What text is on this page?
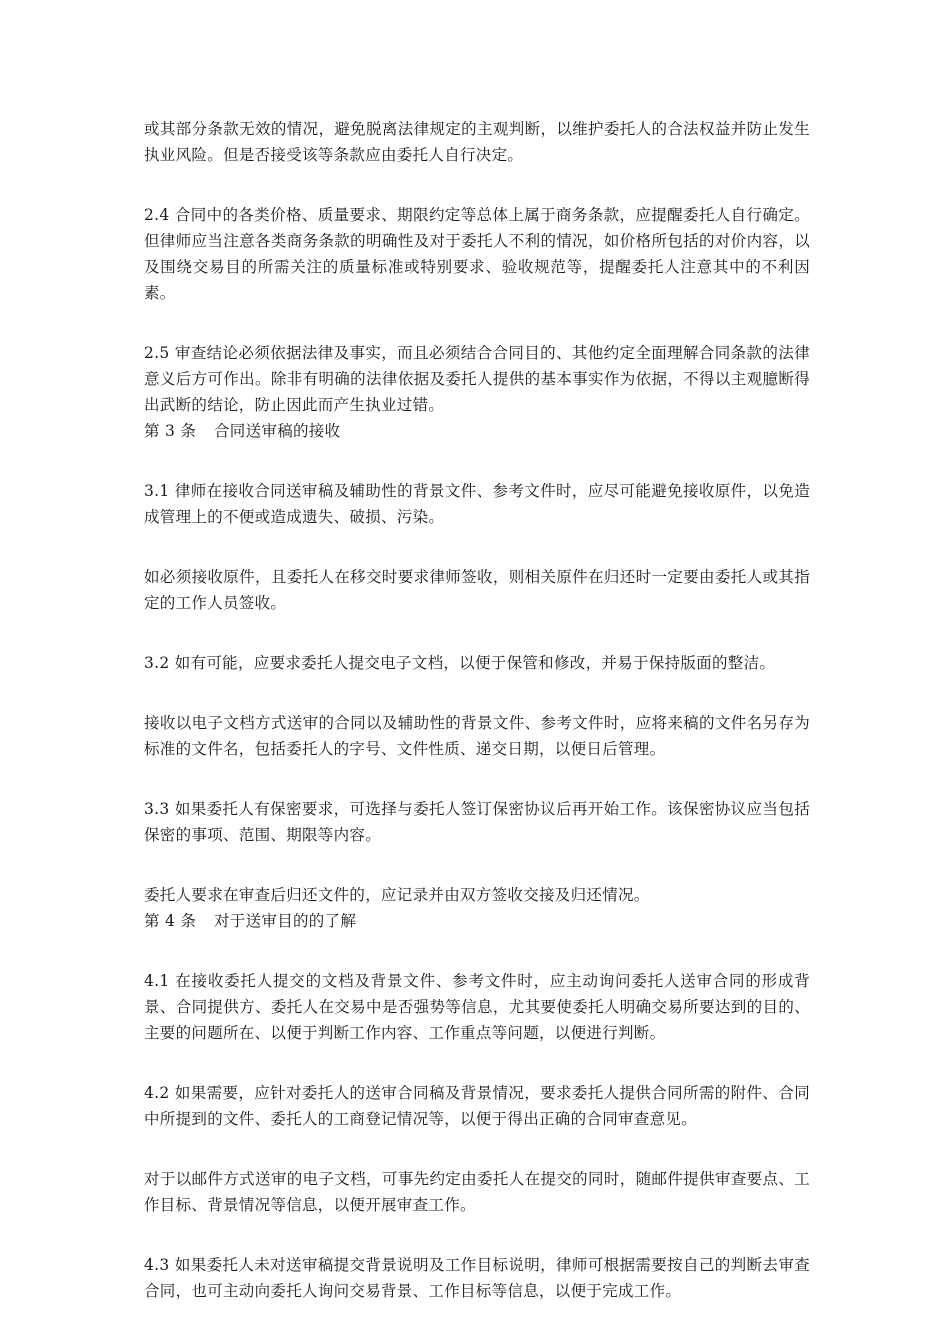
或其部分条款无效的情况，避免脱离法律规定的主观判断，以维护委托人的合法权益并防止发生执业风险。但是否接受该等条款应由委托人自行决定。

2.4 合同中的各类价格、质量要求、期限约定等总体上属于商务条款，应提醒委托人自行确定。但律师应当注意各类商务条款的明确性及对于委托人不利的情况，如价格所包括的对价内容，以及围绕交易目的所需关注的质量标准或特别要求、验收规范等，提醒委托人注意其中的不利因素。

2.5 审查结论必须依据法律及事实，而且必须结合合同目的、其他约定全面理解合同条款的法律意义后方可作出。除非有明确的法律依据及委托人提供的基本事实作为依据，不得以主观臆断得出武断的结论，防止因此而产生执业过错。

第 3 条 合同送审稿的接收

3.1 律师在接收合同送审稿及辅助性的背景文件、参考文件时，应尽可能避免接收原件，以免造成管理上的不便或造成遗失、破损、污染。

如必须接收原件，且委托人在移交时要求律师签收，则相关原件在归还时一定要由委托人或其指定的工作人员签收。

3.2 如有可能，应要求委托人提交电子文档，以便于保管和修改，并易于保持版面的整洁。

接收以电子文档方式送审的合同以及辅助性的背景文件、参考文件时，应将来稿的文件名另存为标准的文件名，包括委托人的字号、文件性质、递交日期，以便日后管理。

3.3 如果委托人有保密要求，可选择与委托人签订保密协议后再开始工作。该保密协议应当包括保密的事项、范围、期限等内容。

委托人要求在审查后归还文件的，应记录并由双方签收交接及归还情况。

第 4 条 对于送审目的的了解

4.1 在接收委托人提交的文档及背景文件、参考文件时，应主动询问委托人送审合同的形成背景、合同提供方、委托人在交易中是否强势等信息，尤其要使委托人明确交易所要达到的目的、主要的问题所在、以便于判断工作内容、工作重点等问题，以便进行判断。

4.2 如果需要，应针对委托人的送审合同稿及背景情况，要求委托人提供合同所需的附件、合同中所提到的文件、委托人的工商登记情况等，以便于得出正确的合同审查意见。

对于以邮件方式送审的电子文档，可事先约定由委托人在提交的同时，随邮件提供审查要点、工作目标、背景情况等信息，以便开展审查工作。

4.3 如果委托人未对送审稿提交背景说明及工作目标说明，律师可根据需要按自己的判断去审查合同，也可主动向委托人询问交易背景、工作目标等信息，以便于完成工作。
